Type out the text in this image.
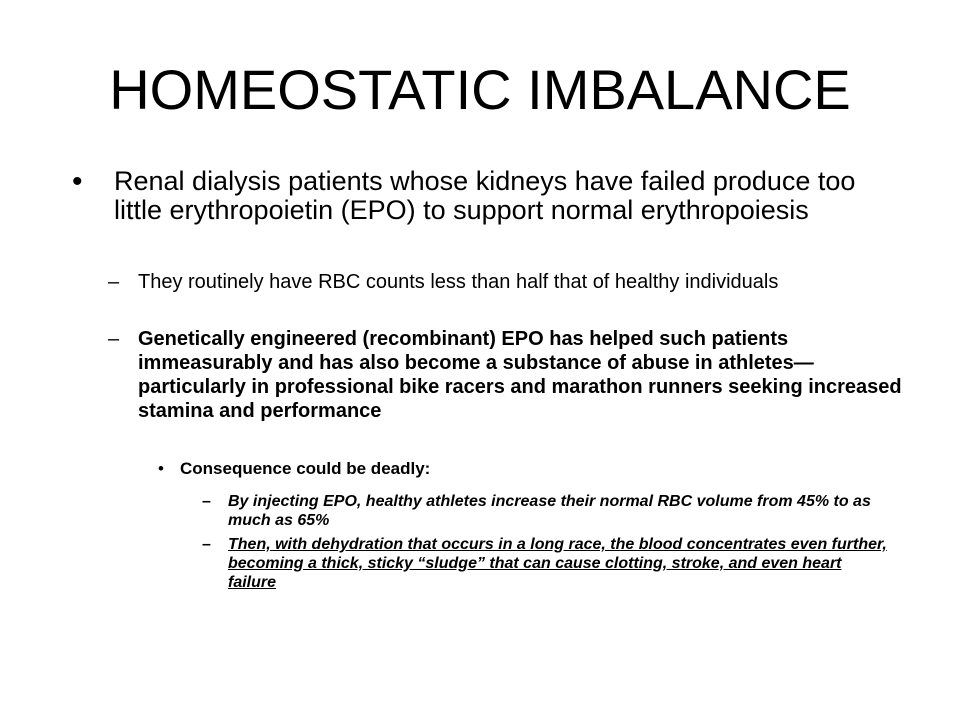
HOMEOSTATIC IMBALANCE
•	Renal dialysis patients whose kidneys have failed produce too little erythropoietin (EPO) to support normal erythropoiesis
– They routinely have RBC counts less than half that of healthy individuals
– Genetically engineered (recombinant) EPO has helped such patients immeasurably and has also become a substance of abuse in athletes—particularly in professional bike racers and marathon runners seeking increased stamina and performance
• Consequence could be deadly:
–	By injecting EPO, healthy athletes increase their normal RBC volume from 45% to as much as 65%
–	Then, with dehydration that occurs in a long race, the blood concentrates even further, becoming a thick, sticky “sludge” that can cause clotting, stroke, and even heart failure
